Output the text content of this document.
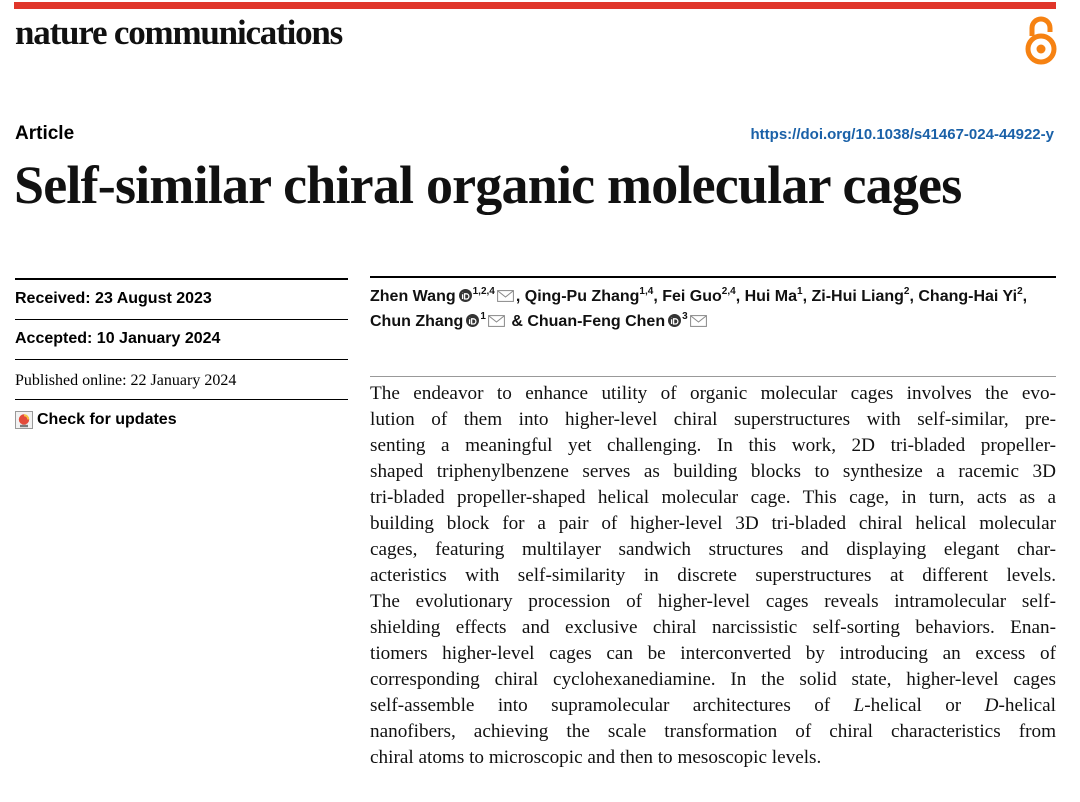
nature communications
Article	https://doi.org/10.1038/s41467-024-44922-y
Self-similar chiral organic molecular cages
Received: 23 August 2023
Accepted: 10 January 2024
Published online: 22 January 2024
Check for updates
Zhen Wang $^{1,2,4}$ , Qing-Pu Zhang$^{1,4}$, Fei Guo$^{2,4}$, Hui Ma$^1$, Zi-Hui Liang$^2$, Chang-Hai Yi$^2$, Chun Zhang $^1$ & Chuan-Feng Chen $^3$

The endeavor to enhance utility of organic molecular cages involves the evo-
lution of them into higher-level chiral superstructures with self-similar, pre-
senting a meaningful yet challenging. In this work, 2D tri-bladed propeller-
shaped triphenylbenzene serves as building blocks to synthesize a racemic 3D
tri-bladed propeller-shaped helical molecular cage. This cage, in turn, acts as a
building block for a pair of higher-level 3D tri-bladed chiral helical molecular
cages, featuring multilayer sandwich structures and displaying elegant char-
acteristics with self-similarity in discrete superstructures at different levels.
The evolutionary procession of higher-level cages reveals intramolecular self-
shielding effects and exclusive chiral narcissistic self-sorting behaviors. Enan-
tiomers higher-level cages can be interconverted by introducing an excess of
corresponding chiral cyclohexanediamine. In the solid state, higher-level cages
self-assemble into supramolecular architectures of L-helical or D-helical
nanofibers, achieving the scale transformation of chiral characteristics from
chiral atoms to microscopic and then to mesoscopic levels.
